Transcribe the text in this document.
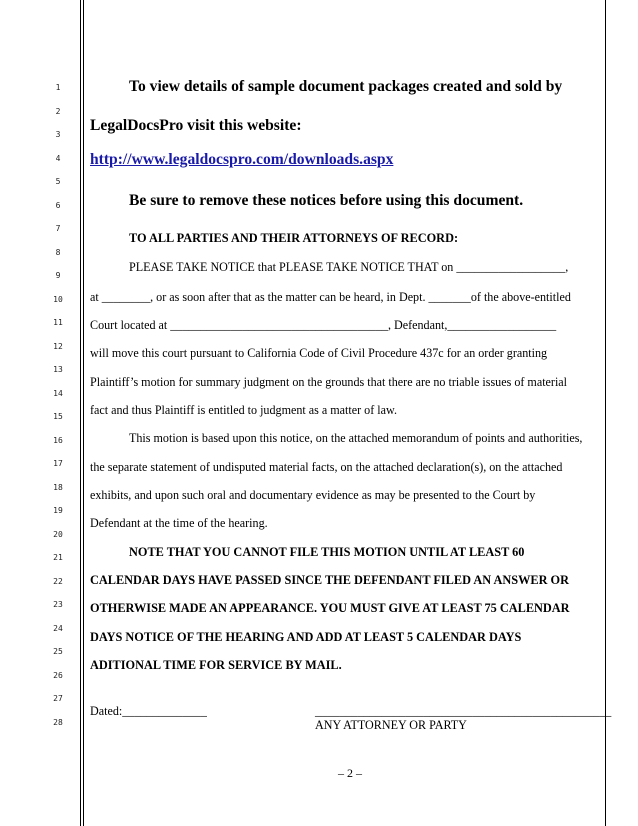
1
2
3
4
5
6
7
8
9
10
11
12
13
14
15
16
17
18
19
20
21
22
23
24
25
26
27
28
To view details of sample document packages created and sold by
LegalDocsPro visit this website:
http://www.legaldocspro.com/downloads.aspx
Be sure to remove these notices before using this document.
TO ALL PARTIES AND THEIR ATTORNEYS OF RECORD:
PLEASE TAKE NOTICE that PLEASE TAKE NOTICE THAT on __________________,
at ________, or as soon after that as the matter can be heard, in Dept. _______of the above-entitled
Court located at ____________________________________, Defendant,__________________
will move this court pursuant to California Code of Civil Procedure 437c for an order granting
Plaintiff’s motion for summary judgment on the grounds that there are no triable issues of material
fact and thus Plaintiff is entitled to judgment as a matter of law.
This motion is based upon this notice, on the attached memorandum of points and authorities,
the separate statement of undisputed material facts, on the attached declaration(s), on the attached
exhibits, and upon such oral and documentary evidence as may be presented to the Court by
Defendant at the time of the hearing.
NOTE THAT YOU CANNOT FILE THIS MOTION UNTIL AT LEAST 60
CALENDAR DAYS HAVE PASSED SINCE THE DEFENDANT FILED AN ANSWER OR
OTHERWISE MADE AN APPEARANCE. YOU MUST GIVE AT LEAST 75 CALENDAR
DAYS NOTICE OF THE HEARING AND ADD AT LEAST 5 CALENDAR DAYS
ADITIONAL TIME FOR SERVICE BY MAIL.
Dated:______________	_________________________________________________
ANY ATTORNEY OR PARTY
– 2 –
